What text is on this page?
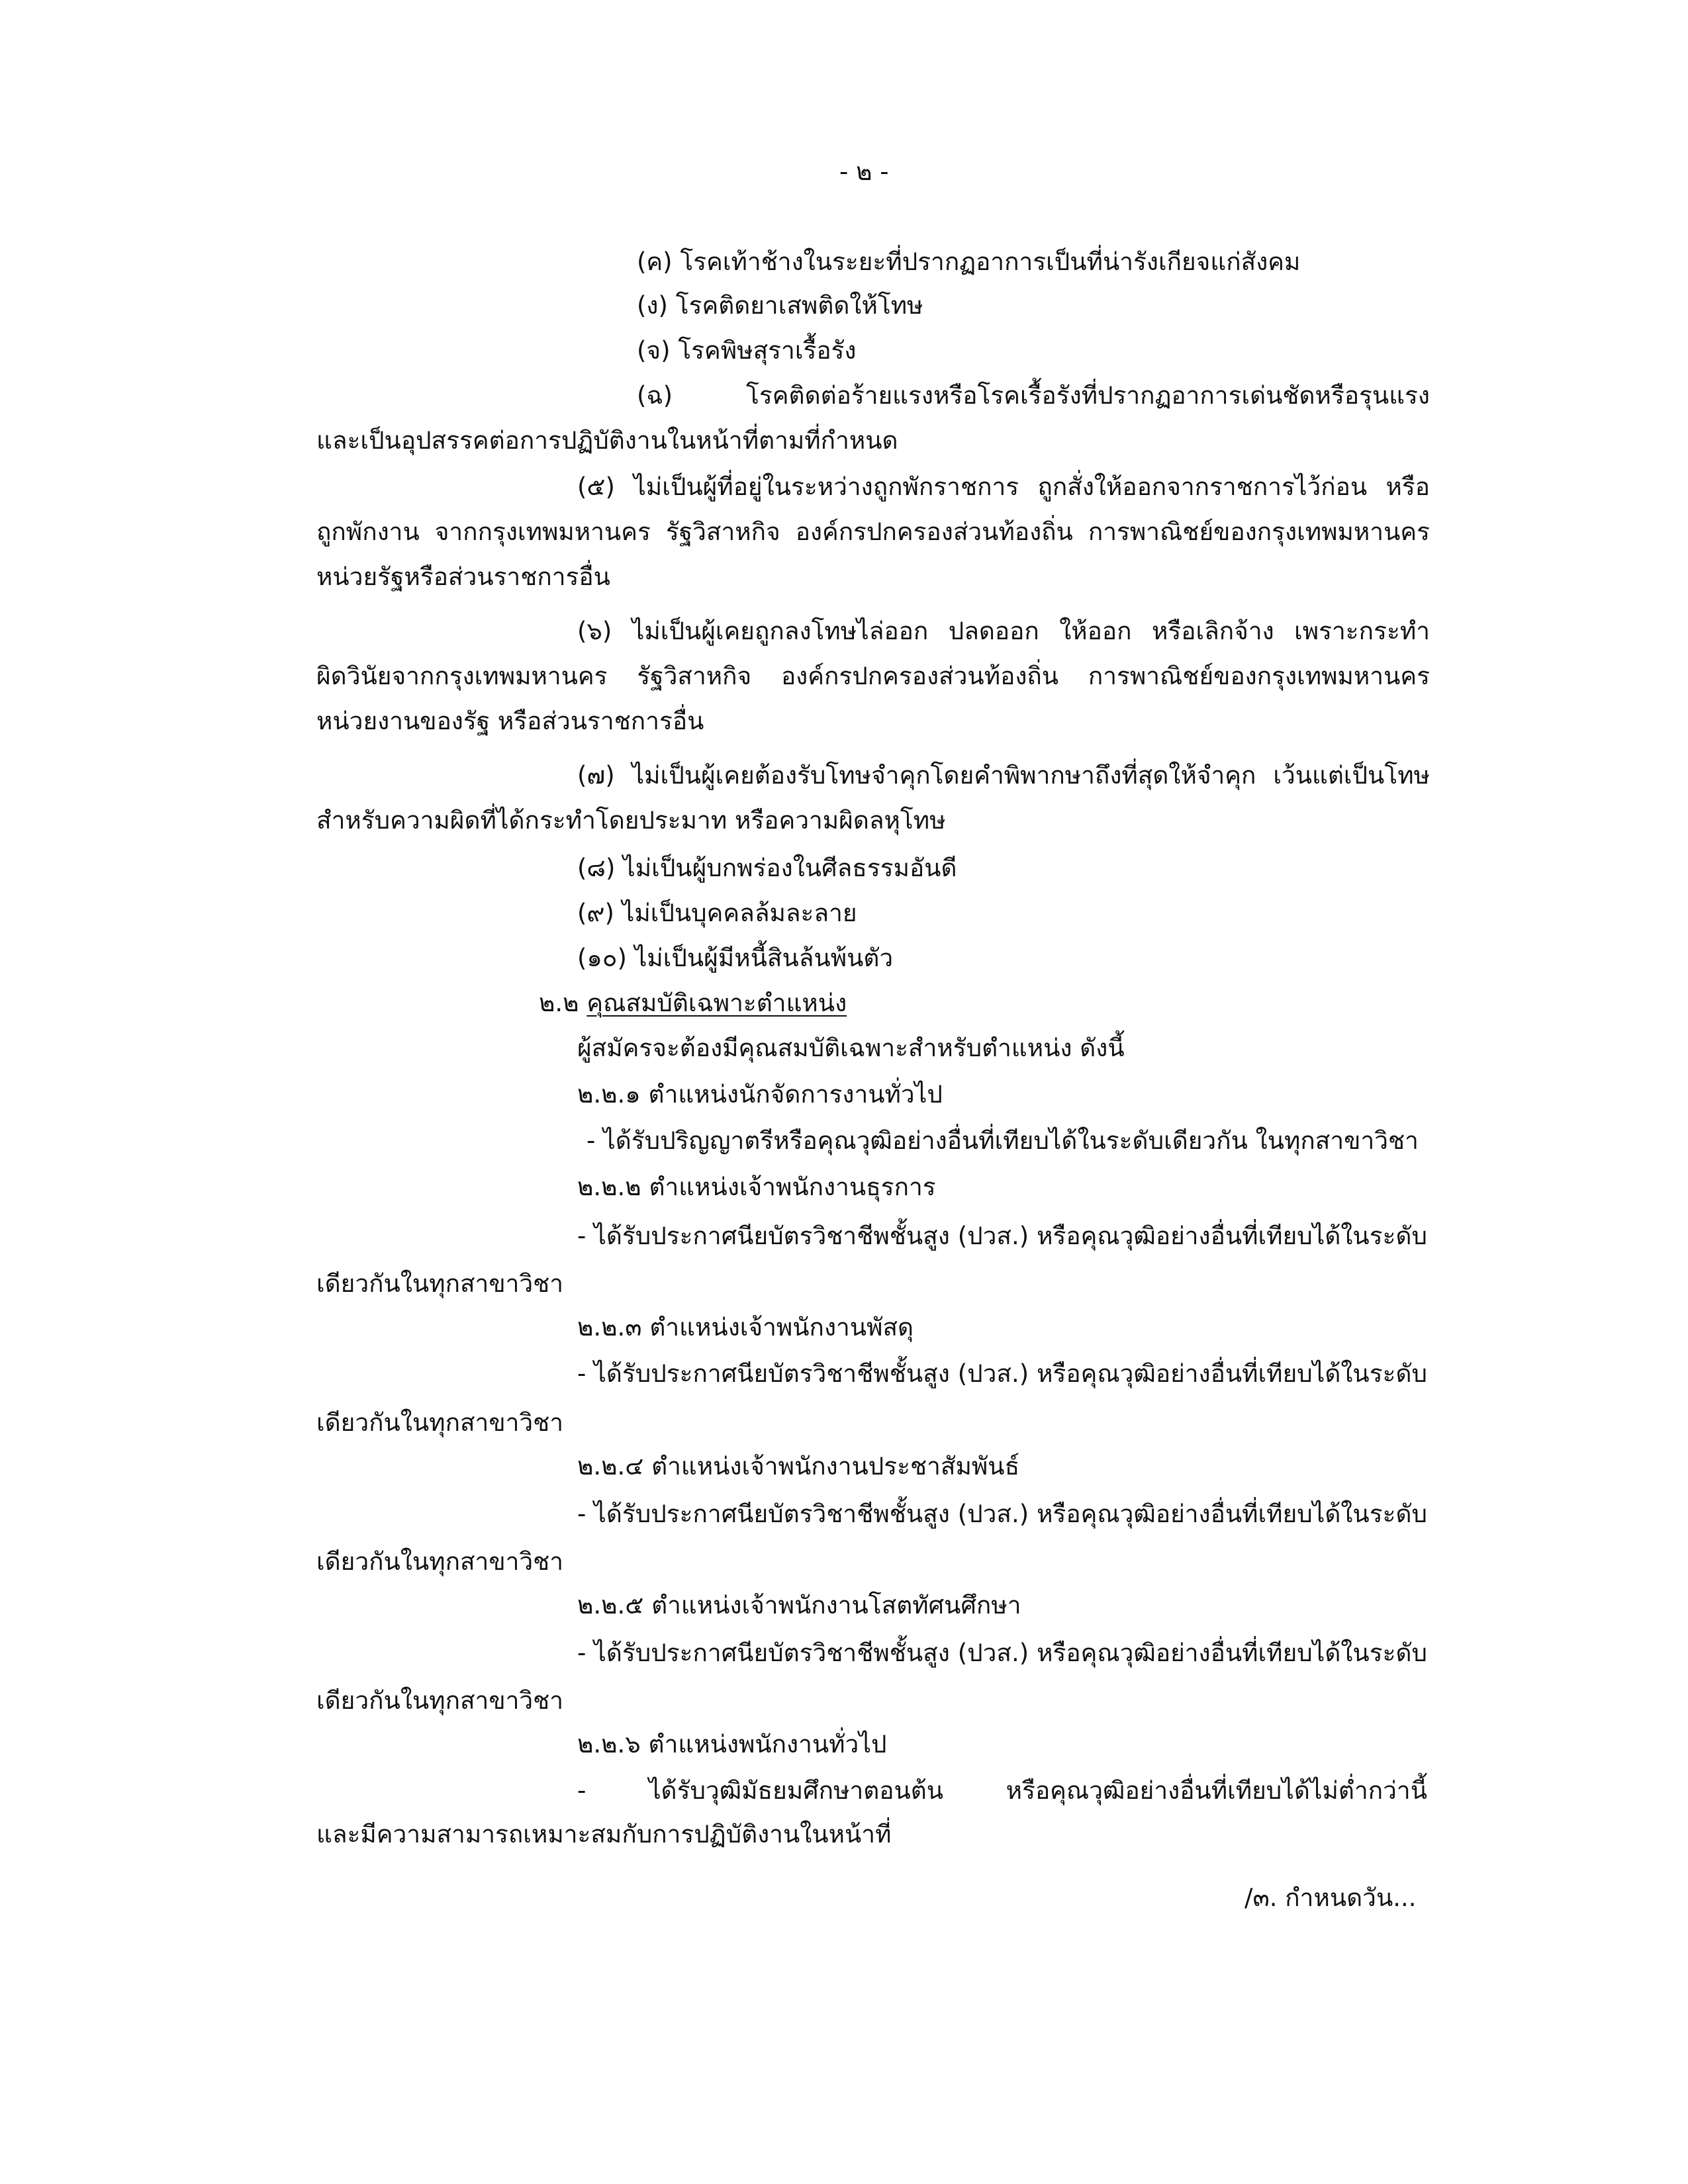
- ๒ -
(ค) โรคเท้าช้างในระยะที่ปรากฏอาการเป็นที่น่ารังเกียจแก่สังคม
(ง) โรคติดยาเสพติดให้โทษ
(จ) โรคพิษสุราเรื้อรัง
(ฉ) โรคติดต่อร้ายแรงหรือโรคเรื้อรังที่ปรากฏอาการเด่นชัดหรือรุนแรง
และเป็นอุปสรรคต่อการปฏิบัติงานในหน้าที่ตามที่กำหนด
(๕) ไม่เป็นผู้ที่อยู่ในระหว่างถูกพักราชการ ถูกสั่งให้ออกจากราชการไว้ก่อน หรือ
ถูกพักงาน จากกรุงเทพมหานคร รัฐวิสาหกิจ องค์กรปกครองส่วนท้องถิ่น การพาณิชย์ของกรุงเทพมหานคร
หน่วยรัฐหรือส่วนราชการอื่น
(๖) ไม่เป็นผู้เคยถูกลงโทษไล่ออก ปลดออก ให้ออก หรือเลิกจ้าง เพราะกระทำ
ผิดวินัยจากกรุงเทพมหานคร รัฐวิสาหกิจ องค์กรปกครองส่วนท้องถิ่น การพาณิชย์ของกรุงเทพมหานคร
หน่วยงานของรัฐ หรือส่วนราชการอื่น
(๗) ไม่เป็นผู้เคยต้องรับโทษจำคุกโดยคำพิพากษาถึงที่สุดให้จำคุก เว้นแต่เป็นโทษ
สำหรับความผิดที่ได้กระทำโดยประมาท หรือความผิดลหุโทษ
(๘) ไม่เป็นผู้บกพร่องในศีลธรรมอันดี
(๙) ไม่เป็นบุคคลล้มละลาย
(๑๐) ไม่เป็นผู้มีหนี้สินล้นพ้นตัว
๒.๒ คุณสมบัติเฉพาะตำแหน่ง
ผู้สมัครจะต้องมีคุณสมบัติเฉพาะสำหรับตำแหน่ง ดังนี้
๒.๒.๑ ตำแหน่งนักจัดการงานทั่วไป
- ได้รับปริญญาตรีหรือคุณวุฒิอย่างอื่นที่เทียบได้ในระดับเดียวกัน ในทุกสาขาวิชา
๒.๒.๒ ตำแหน่งเจ้าพนักงานธุรการ
- ได้รับประกาศนียบัตรวิชาชีพชั้นสูง (ปวส.) หรือคุณวุฒิอย่างอื่นที่เทียบได้ในระดับ
เดียวกันในทุกสาขาวิชา
๒.๒.๓ ตำแหน่งเจ้าพนักงานพัสดุ
- ได้รับประกาศนียบัตรวิชาชีพชั้นสูง (ปวส.) หรือคุณวุฒิอย่างอื่นที่เทียบได้ในระดับ
เดียวกันในทุกสาขาวิชา
๒.๒.๔ ตำแหน่งเจ้าพนักงานประชาสัมพันธ์
- ได้รับประกาศนียบัตรวิชาชีพชั้นสูง (ปวส.) หรือคุณวุฒิอย่างอื่นที่เทียบได้ในระดับ
เดียวกันในทุกสาขาวิชา
๒.๒.๕ ตำแหน่งเจ้าพนักงานโสตทัศนศึกษา
- ได้รับประกาศนียบัตรวิชาชีพชั้นสูง (ปวส.) หรือคุณวุฒิอย่างอื่นที่เทียบได้ในระดับ
เดียวกันในทุกสาขาวิชา
๒.๒.๖ ตำแหน่งพนักงานทั่วไป
- ได้รับวุฒิมัธยมศึกษาตอนต้น หรือคุณวุฒิอย่างอื่นที่เทียบได้ไม่ต่ำกว่านี้
และมีความสามารถเหมาะสมกับการปฏิบัติงานในหน้าที่
/๓. กำหนดวัน...
